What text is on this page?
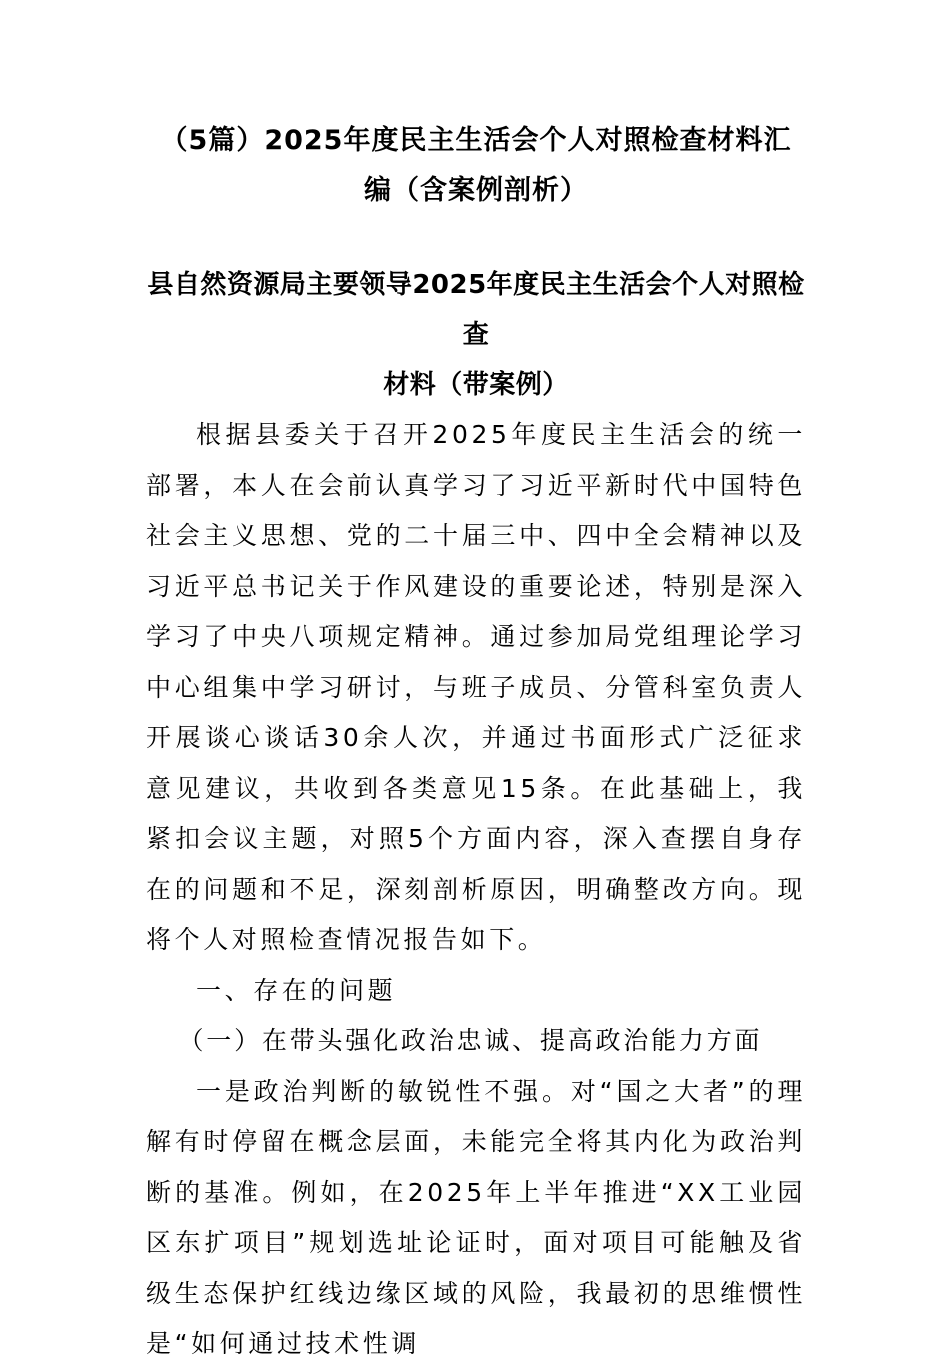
（5篇）2025年度民主生活会个人对照检查材料汇
编（含案例剖析）
县自然资源局主要领导2025年度民主生活会个人对照检查
材料（带案例）

根据县委关于召开2025年度民主生活会的统一部署，本人在会前认真学习了习近平新时代中国特色社会主义思想、党的二十届三中、四中全会精神以及习近平总书记关于作风建设的重要论述，特别是深入学习了中央八项规定精神。通过参加局党组理论学习中心组集中学习研讨，与班子成员、分管科室负责人开展谈心谈话30余人次，并通过书面形式广泛征求意见建议，共收到各类意见15条。在此基础上，我紧扣会议主题，对照5个方面内容，深入查摆自身存在的问题和不足，深刻剖析原因，明确整改方向。现将个人对照检查情况报告如下。

一、存在的问题

（一）在带头强化政治忠诚、提高政治能力方面

一是政治判断的敏锐性不强。对“国之大者”的理解有时停留在概念层面，未能完全将其内化为政治判断的基准。例如，在2025年上半年推进“XX工业园区东扩项目”规划选址论证时，面对项目可能触及省级生态保护红线边缘区域的风险，我最初的思维惯性是“如何通过技术性调
